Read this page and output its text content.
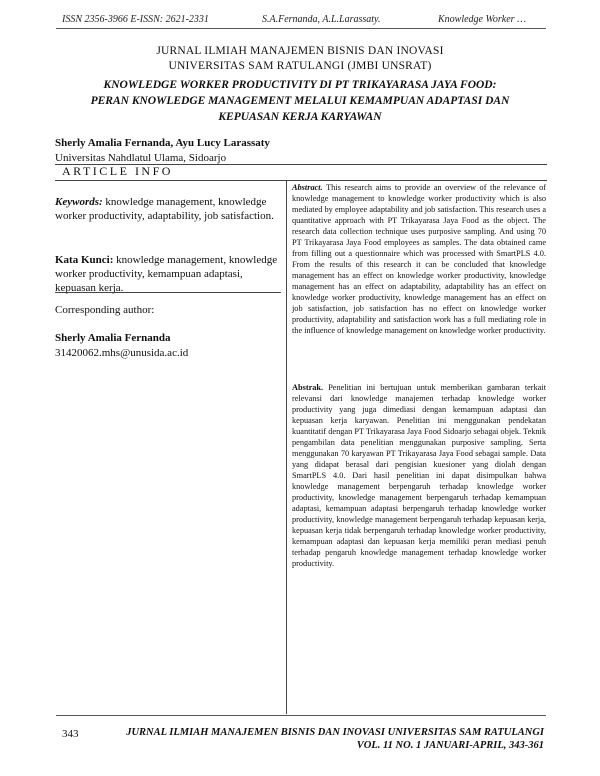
ISSN 2356-3966 E-ISSN: 2621-2331	S.A.Fernanda, A.L.Larassaty.	Knowledge Worker …
JURNAL ILMIAH MANAJEMEN BISNIS DAN INOVASI
UNIVERSITAS SAM RATULANGI (JMBI UNSRAT)
KNOWLEDGE WORKER PRODUCTIVITY DI PT TRIKAYARASA JAYA FOOD:
PERAN KNOWLEDGE MANAGEMENT MELALUI KEMAMPUAN ADAPTASI DAN
KEPUASAN KERJA KARYAWAN
Sherly Amalia Fernanda, Ayu Lucy Larassaty
Universitas Nahdlatul Ulama, Sidoarjo
ARTICLE INFO
Keywords: knowledge management, knowledge worker productivity, adaptability, job satisfaction.
Kata Kunci: knowledge management, knowledge worker productivity, kemampuan adaptasi, kepuasan kerja.
Corresponding author:
Sherly Amalia Fernanda
31420062.mhs@unusida.ac.id
Abstract. This research aims to provide an overview of the relevance of knowledge management to knowledge worker productivity which is also mediated by employee adaptability and job satisfaction. This research uses a quantitative approach with PT Trikayarasa Jaya Food as the object. The research data collection technique uses purposive sampling. And using 70 PT Trikayarasa Jaya Food employees as samples. The data obtained came from filling out a questionnaire which was processed with SmartPLS 4.0. From the results of this research it can be concluded that knowledge management has an effect on knowledge worker productivity, knowledge management has an effect on adaptability, adaptability has an effect on knowledge worker productivity, knowledge management has an effect on job satisfaction, job satisfaction has no effect on knowledge worker productivity, adaptability and satisfaction work has a full mediating role in the influence of knowledge management on knowledge worker productivity.
Abstrak. Penelitian ini bertujuan untuk memberikan gambaran terkait relevansi dari knowledge manajemen terhadap knowledge worker productivity yang juga dimediasi dengan kemampuan adaptasi dan kepuasan kerja karyawan. Penelitian ini menggunakan pendekatan kuantitatif dengan PT Trikayarasa Jaya Food Sidoarjo sebagai objek. Teknik pengambilan data penelitian menggunakan purposive sampling. Serta menggunakan 70 karyawan PT Trikayarasa Jaya Food sebagai sample. Data yang didapat berasal dari pengisian kuesioner yang diolah dengan SmartPLS 4.0. Dari hasil penelitian ini dapat disimpulkan bahwa knowledge management berpengaruh terhadap knowledge worker productivity, knowledge management berpengaruh terhadap kemampuan adaptasi, kemampuan adaptasi berpengaruh terhadap knowledge worker productivity, knowledge management berpengaruh terhadap kepuasan kerja, kepuasan kerja tidak berpengaruh terhadap knowledge worker productivity, kemampuan adaptasi dan kepuasan kerja memiliki peran mediasi penuh terhadap pengaruh knowledge management terhadap knowledge worker productivity.
343	JURNAL ILMIAH MANAJEMEN BISNIS DAN INOVASI UNIVERSITAS SAM RATULANGI
VOL. 11 NO. 1 JANUARI-APRIL, 343-361
